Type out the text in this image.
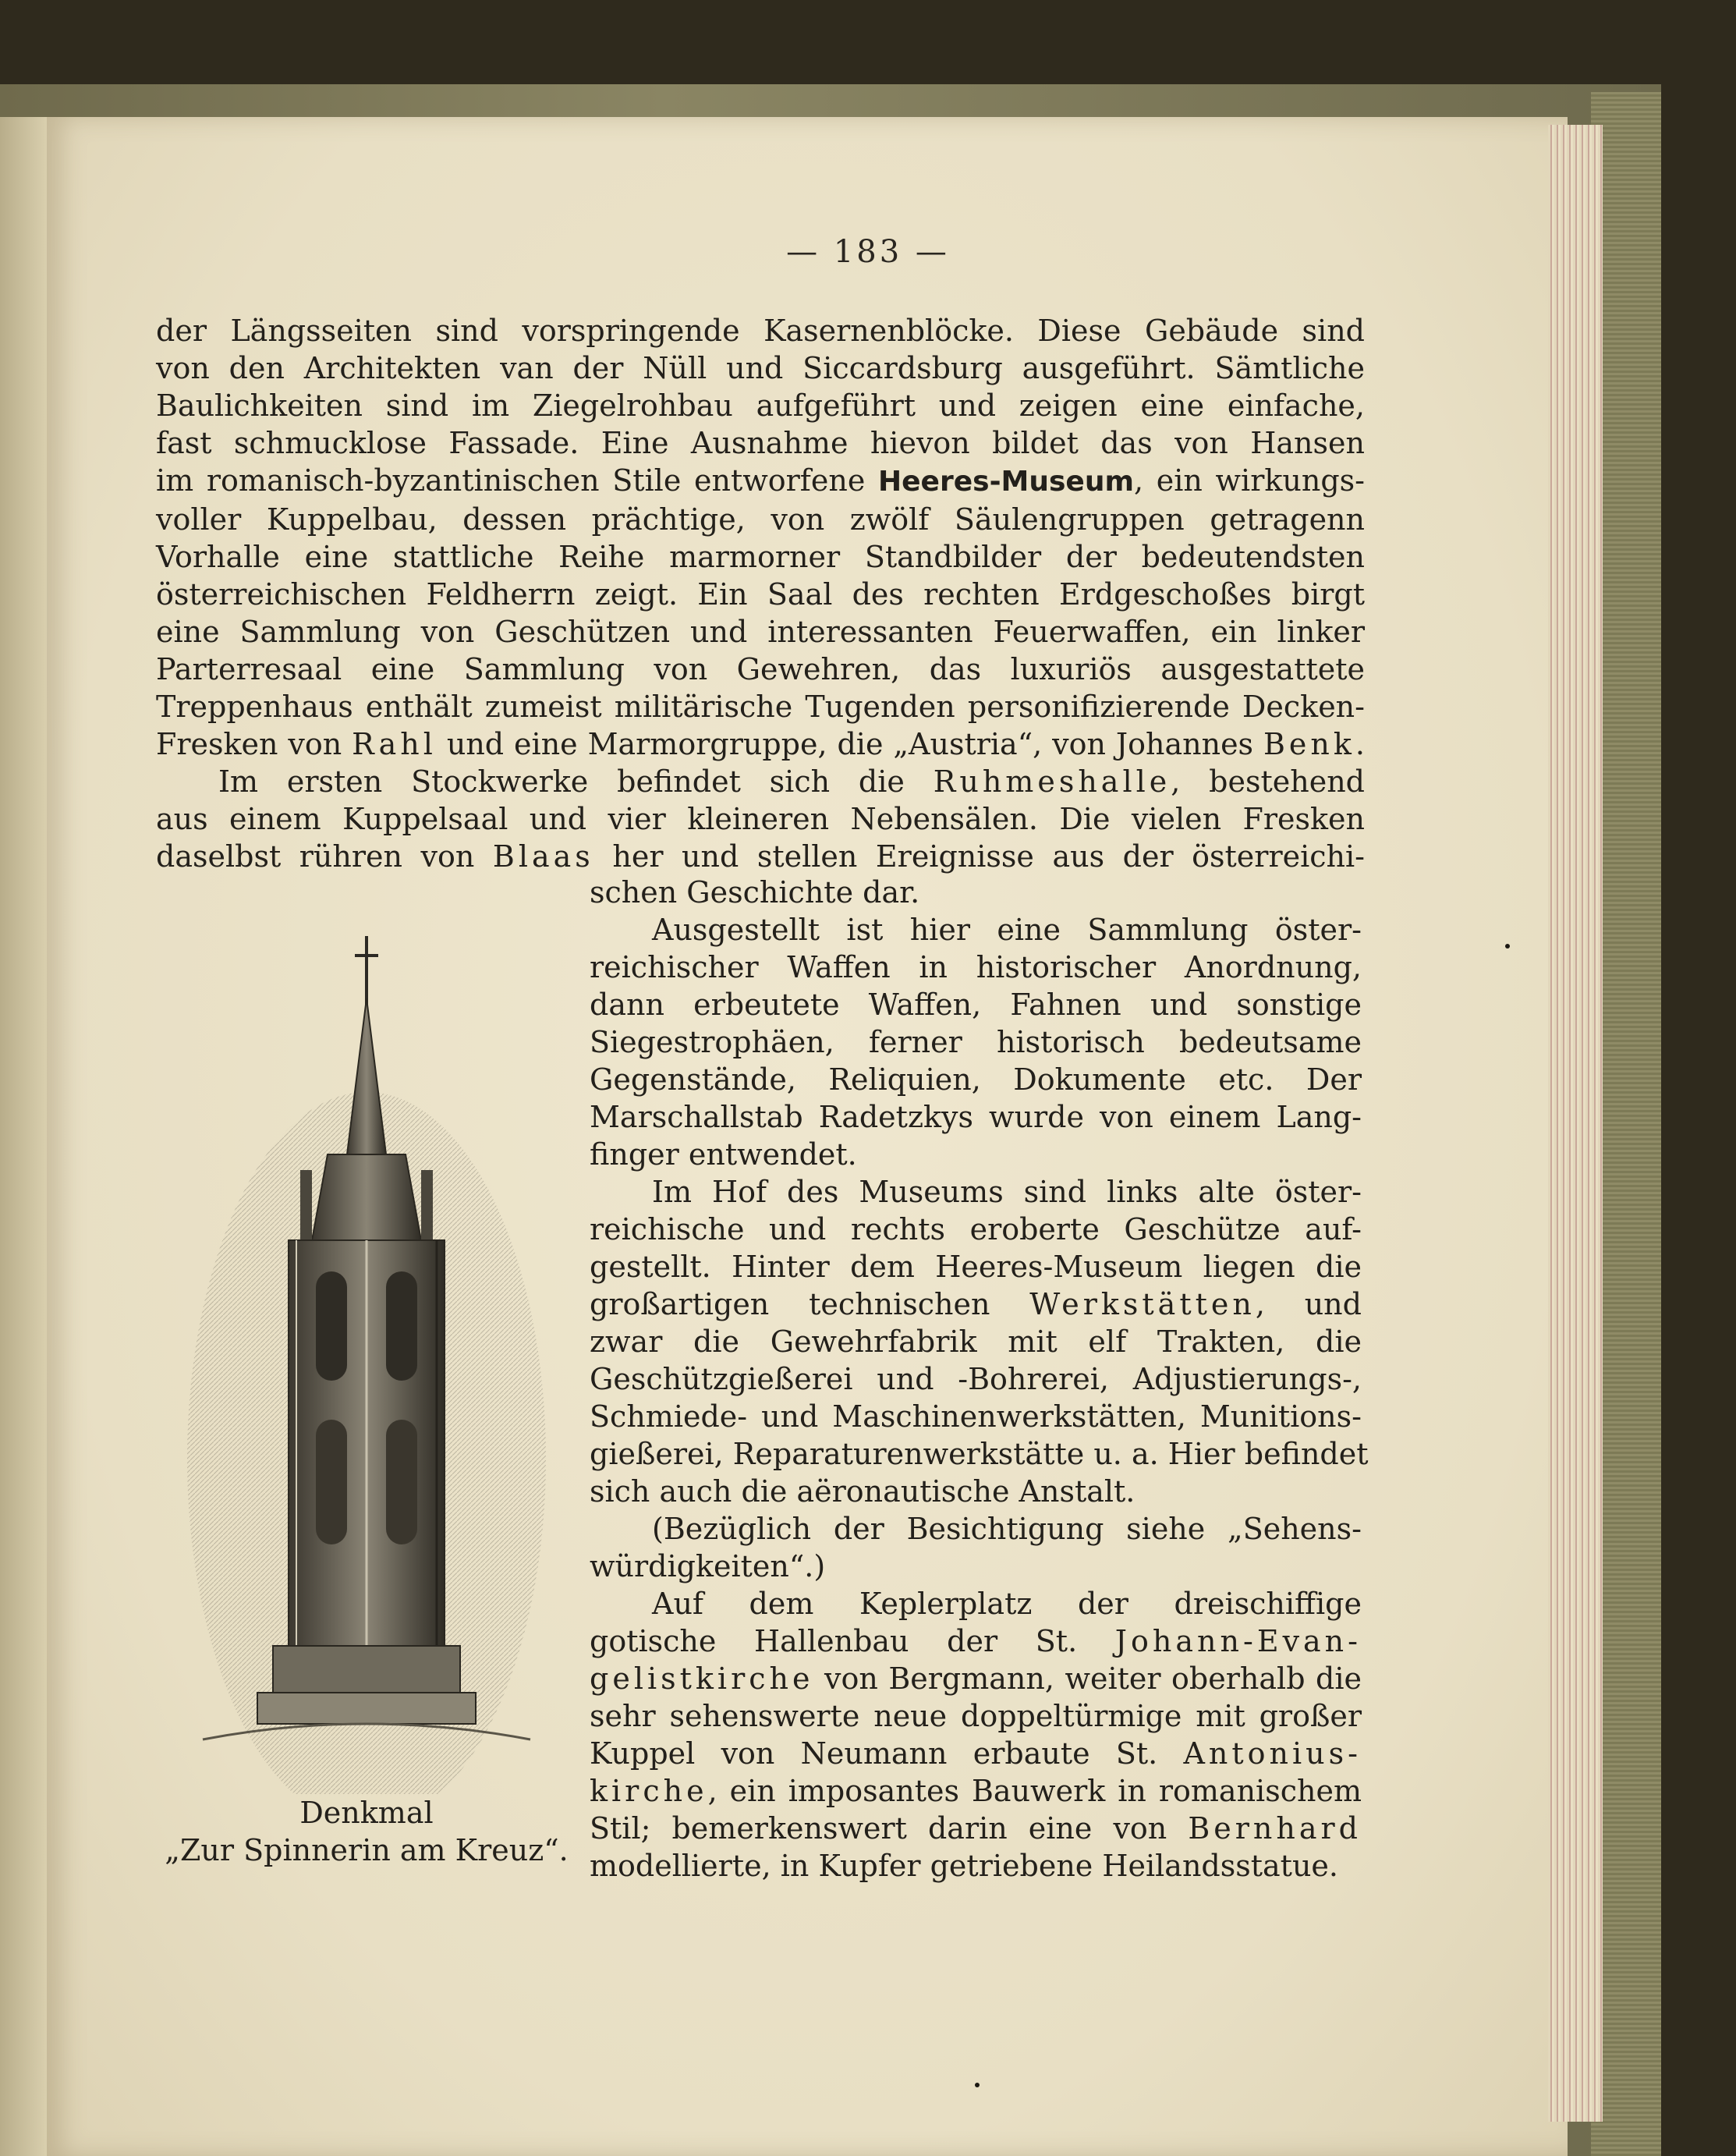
— 183 —
der Längsseiten sind vorspringende Kasernenblöcke. Diese Gebäude sind
von den Architekten van der Nüll und Siccardsburg ausgeführt. Sämtliche
Baulichkeiten sind im Ziegelrohbau aufgeführt und zeigen eine einfache,
fast schmucklose Fassade. Eine Ausnahme hievon bildet das von Hansen
im romanisch-byzantinischen Stile entworfene Heeres-Museum, ein wirkungs-
voller Kuppelbau, dessen prächtige, von zwölf Säulengruppen getragenn
Vorhalle eine stattliche Reihe marmorner Standbilder der bedeutendsten
österreichischen Feldherrn zeigt. Ein Saal des rechten Erdgeschoßes birgt
eine Sammlung von Geschützen und interessanten Feuerwaffen, ein linker
Parterresaal eine Sammlung von Gewehren, das luxuriös ausgestattete
Treppenhaus enthält zumeist militärische Tugenden personifizierende Decken-
Fresken von Rahl und eine Marmorgruppe, die „Austria“, von Johannes Benk.
Im ersten Stockwerke befindet sich die Ruhmeshalle, bestehend
aus einem Kuppelsaal und vier kleineren Nebensälen. Die vielen Fresken
daselbst rühren von Blaas her und stellen Ereignisse aus der österreichi-
schen Geschichte dar.
Ausgestellt ist hier eine Sammlung öster-
reichischer Waffen in historischer Anordnung,
dann erbeutete Waffen, Fahnen und sonstige
Siegestrophäen, ferner historisch bedeutsame
Gegenstände, Reliquien, Dokumente etc. Der
Marschallstab Radetzkys wurde von einem Lang-
finger entwendet.
Im Hof des Museums sind links alte öster-
reichische und rechts eroberte Geschütze auf-
gestellt. Hinter dem Heeres-Museum liegen die
großartigen technischen Werkstätten, und
zwar die Gewehrfabrik mit elf Trakten, die
Geschützgießerei und -Bohrerei, Adjustierungs-,
Schmiede- und Maschinenwerkstätten, Munitions-
gießerei, Reparaturenwerkstätte u. a. Hier befindet
sich auch die aëronautische Anstalt.
(Bezüglich der Besichtigung siehe „Sehens-
würdigkeiten“.)
Auf dem Keplerplatz der dreischiffige
gotische Hallenbau der St. Johann-Evan-
gelistkirche von Bergmann, weiter oberhalb die
sehr sehenswerte neue doppeltürmige mit großer
Kuppel von Neumann erbaute St. Antonius-
kirche, ein imposantes Bauwerk in romanischem
Stil; bemerkenswert darin eine von Bernhard
modellierte, in Kupfer getriebene Heilandsstatue.
Denkmal
„Zur Spinnerin am Kreuz“.
